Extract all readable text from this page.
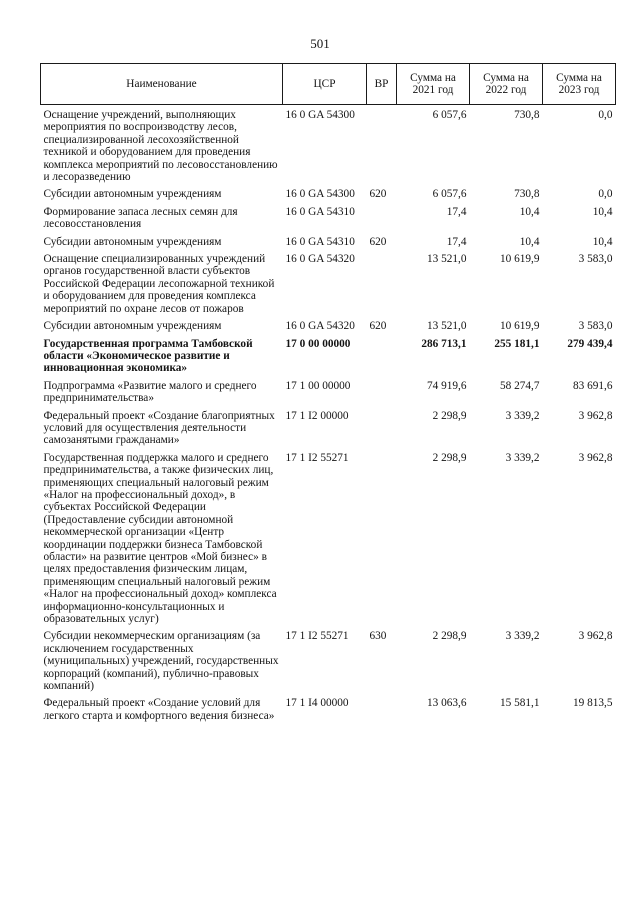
501
Наименование	ЦСР	ВР	Сумма на 2021 год	Сумма на 2022 год	Сумма на 2023 год
Оснащение учреждений, выполняющих мероприятия по воспроизводству лесов, специализированной лесохозяйственной техникой и оборудованием для проведения комплекса мероприятий по лесовосстановлению и лесоразведению	16 0 GA 54300		6 057,6	730,8	0,0
Субсидии автономным учреждениям	16 0 GA 54300	620	6 057,6	730,8	0,0
Формирование запаса лесных семян для лесовосстановления	16 0 GA 54310		17,4	10,4	10,4
Субсидии автономным учреждениям	16 0 GA 54310	620	17,4	10,4	10,4
Оснащение специализированных учреждений органов государственной власти субъектов Российской Федерации лесопожарной техникой и оборудованием для проведения комплекса мероприятий по охране лесов от пожаров	16 0 GA 54320		13 521,0	10 619,9	3 583,0
Субсидии автономным учреждениям	16 0 GA 54320	620	13 521,0	10 619,9	3 583,0
Государственная программа Тамбовской области «Экономическое развитие и инновационная экономика»	17 0 00 00000		286 713,1	255 181,1	279 439,4
Подпрограмма «Развитие малого и среднего предпринимательства»	17 1 00 00000		74 919,6	58 274,7	83 691,6
Федеральный проект «Создание благоприятных условий для осуществления деятельности самозанятыми гражданами»	17 1 I2 00000		2 298,9	3 339,2	3 962,8
Государственная поддержка малого и среднего предпринимательства, а также физических лиц, применяющих специальный налоговый режим «Налог на профессиональный доход», в субъектах Российской Федерации (Предоставление субсидии автономной некоммерческой организации «Центр координации поддержки бизнеса Тамбовской области» на развитие центров «Мой бизнес» в целях предоставления физическим лицам, применяющим специальный налоговый режим «Налог на профессиональный доход» комплекса информационно-консультационных и образовательных услуг)	17 1 I2 55271		2 298,9	3 339,2	3 962,8
Субсидии некоммерческим организациям (за исключением государственных (муниципальных) учреждений, государственных корпораций (компаний), публично-правовых компаний)	17 1 I2 55271	630	2 298,9	3 339,2	3 962,8
Федеральный проект «Создание условий для легкого старта и комфортного ведения бизнеса»	17 1 I4 00000		13 063,6	15 581,1	19 813,5
